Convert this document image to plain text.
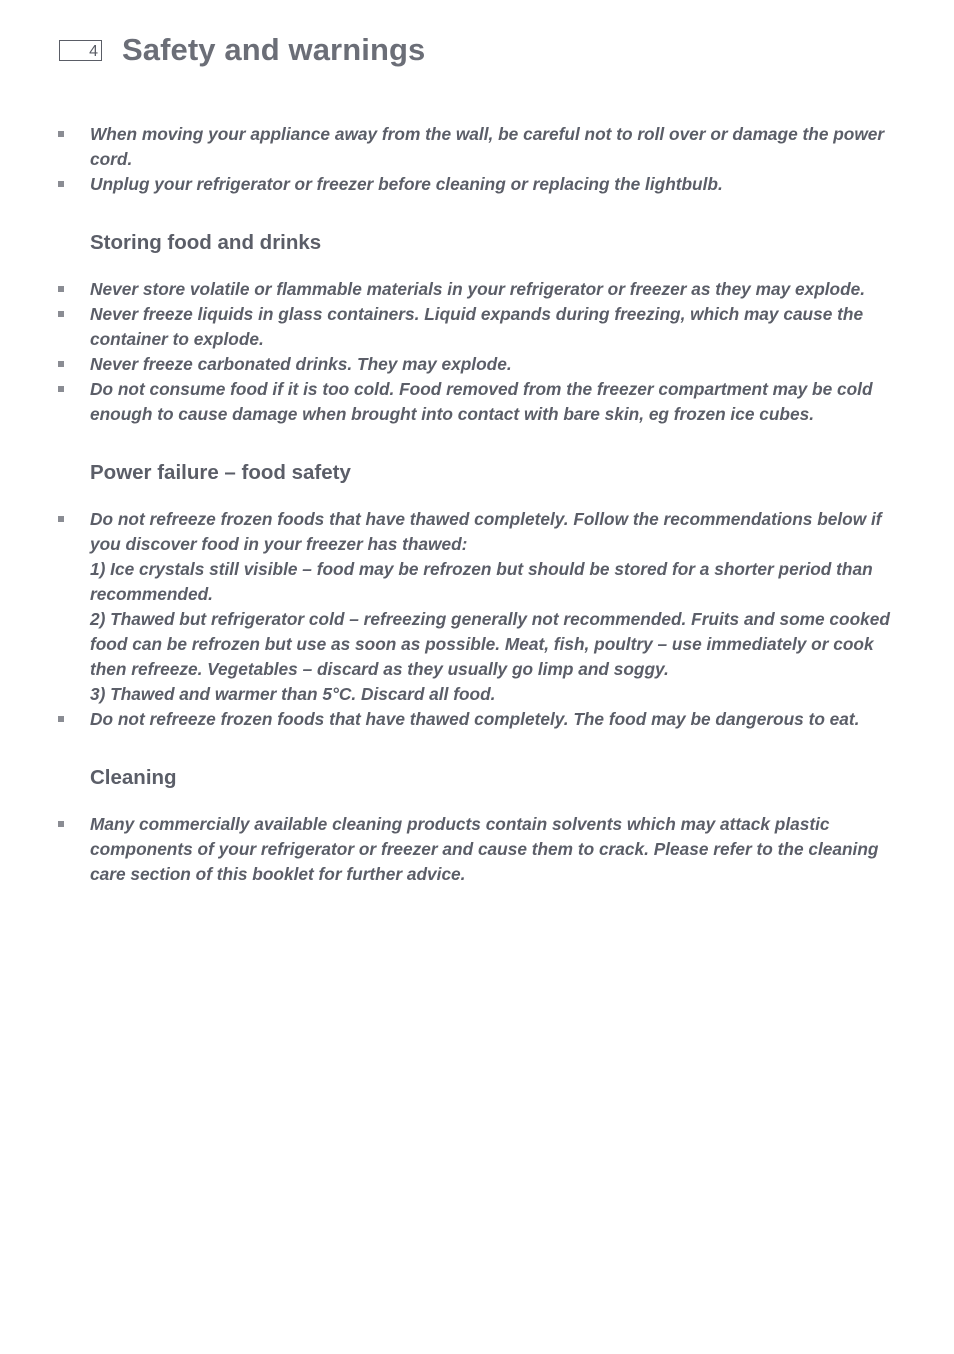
4 Safety and warnings
When moving your appliance away from the wall, be careful not to roll over or damage the power cord.
Unplug your refrigerator or freezer before cleaning or replacing the lightbulb.
Storing food and drinks
Never store volatile or flammable materials in your refrigerator or freezer as they may explode.
Never freeze liquids in glass containers. Liquid expands during freezing, which may cause the container to explode.
Never freeze carbonated drinks. They may explode.
Do not consume food if it is too cold. Food removed from the freezer compartment may be cold enough to cause damage when brought into contact with bare skin, eg frozen ice cubes.
Power failure – food safety
Do not refreeze frozen foods that have thawed completely. Follow the recommendations below if you discover food in your freezer has thawed:
1) Ice crystals still visible – food may be refrozen but should be stored for a shorter period than recommended.
2) Thawed but refrigerator cold – refreezing generally not recommended. Fruits and some cooked food can be refrozen but use as soon as possible. Meat, fish, poultry – use immediately or cook then refreeze. Vegetables – discard as they usually go limp and soggy.
3) Thawed and warmer than 5°C. Discard all food.
Do not refreeze frozen foods that have thawed completely. The food may be dangerous to eat.
Cleaning
Many commercially available cleaning products contain solvents which may attack plastic components of your refrigerator or freezer and cause them to crack. Please refer to the cleaning care section of this booklet for further advice.
